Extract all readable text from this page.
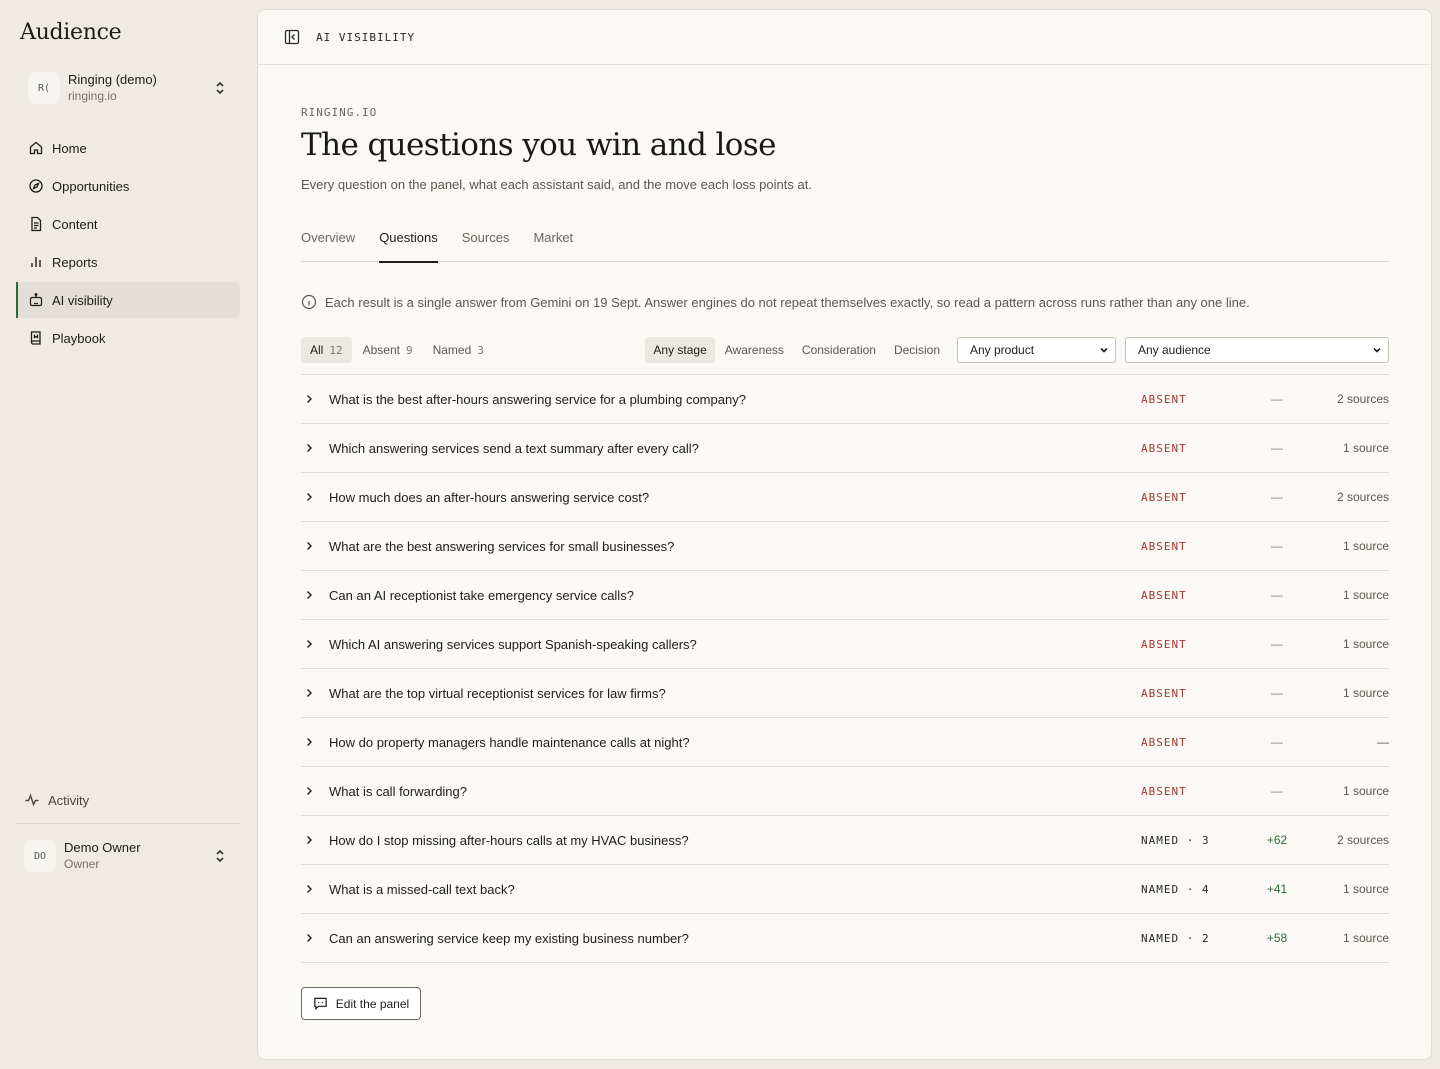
Audience
R(
Ringing (demo)
ringing.io
Home
Opportunities
Content
Reports
AI visibility
Playbook
Activity
DO
Demo Owner
Owner
AI VISIBILITY
RINGING.IO
The questions you win and lose
Every question on the panel, what each assistant said, and the move each loss points at.
Overview Questions Sources Market
Each result is a single answer from Gemini on 19 Sept. Answer engines do not repeat themselves exactly, so read a pattern across runs rather than any one line.
All 12 Absent 9 Named 3	Any stage	Awareness	Consideration	Decision	Any product	Any audience
What is the best after-hours answering service for a plumbing company?	ABSENT	—	2 sources
Which answering services send a text summary after every call?	ABSENT	—	1 source
How much does an after-hours answering service cost?	ABSENT	—	2 sources
What are the best answering services for small businesses?	ABSENT	—	1 source
Can an AI receptionist take emergency service calls?	ABSENT	—	1 source
Which AI answering services support Spanish-speaking callers?	ABSENT	—	1 source
What are the top virtual receptionist services for law firms?	ABSENT	—	1 source
How do property managers handle maintenance calls at night?	ABSENT	—	—
What is call forwarding?	ABSENT	—	1 source
How do I stop missing after-hours calls at my HVAC business?	NAMED · 3	+62	2 sources
What is a missed-call text back?	NAMED · 4	+41	1 source
Can an answering service keep my existing business number?	NAMED · 2	+58	1 source
Edit the panel
